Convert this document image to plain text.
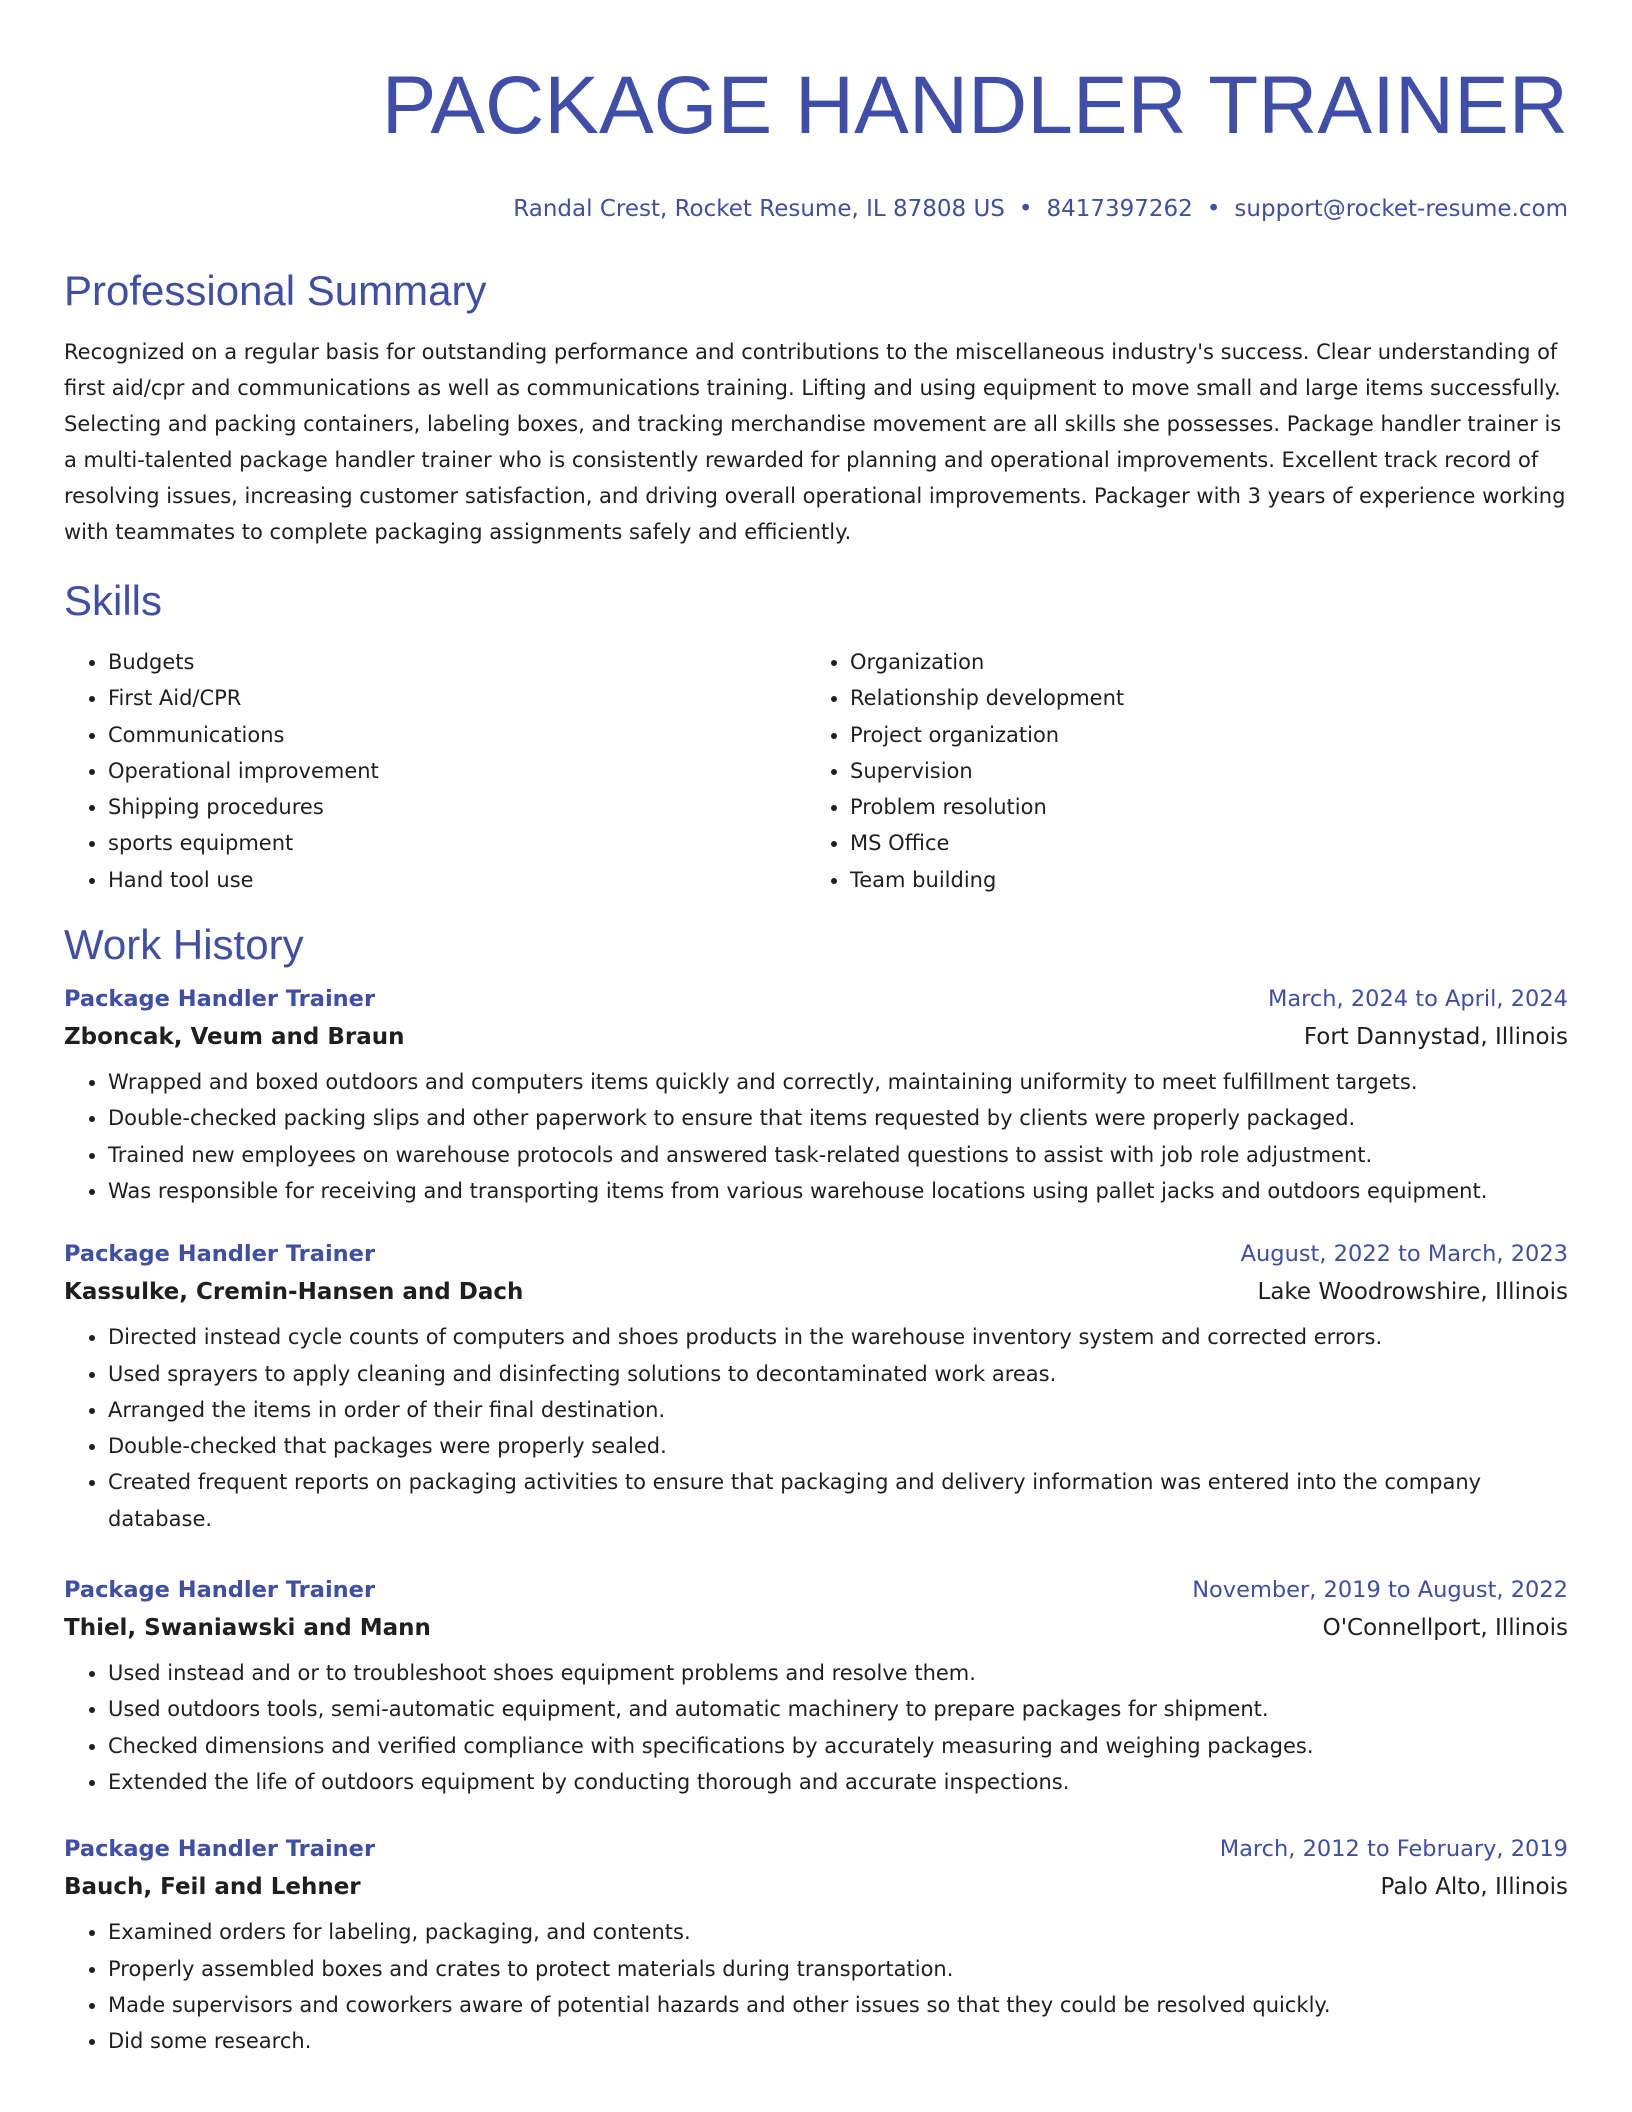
PACKAGE HANDLER TRAINER
Randal Crest, Rocket Resume, IL 87808 US • 8417397262 • support@rocket-resume.com
Professional Summary
Recognized on a regular basis for outstanding performance and contributions to the miscellaneous industry's success. Clear understanding of first aid/cpr and communications as well as communications training. Lifting and using equipment to move small and large items successfully. Selecting and packing containers, labeling boxes, and tracking merchandise movement are all skills she possesses. Package handler trainer is a multi-talented package handler trainer who is consistently rewarded for planning and operational improvements. Excellent track record of resolving issues, increasing customer satisfaction, and driving overall operational improvements. Packager with 3 years of experience working with teammates to complete packaging assignments safely and efficiently.
Skills
• Budgets
• First Aid/CPR
• Communications
• Operational improvement
• Shipping procedures
• sports equipment
• Hand tool use
• Organization
• Relationship development
• Project organization
• Supervision
• Problem resolution
• MS Office
• Team building
Work History
Package Handler Trainer	March, 2024 to April, 2024
Zboncak, Veum and Braun	Fort Dannystad, Illinois
• Wrapped and boxed outdoors and computers items quickly and correctly, maintaining uniformity to meet fulfillment targets.
• Double-checked packing slips and other paperwork to ensure that items requested by clients were properly packaged.
• Trained new employees on warehouse protocols and answered task-related questions to assist with job role adjustment.
• Was responsible for receiving and transporting items from various warehouse locations using pallet jacks and outdoors equipment.
Package Handler Trainer	August, 2022 to March, 2023
Kassulke, Cremin-Hansen and Dach	Lake Woodrowshire, Illinois
• Directed instead cycle counts of computers and shoes products in the warehouse inventory system and corrected errors.
• Used sprayers to apply cleaning and disinfecting solutions to decontaminated work areas.
• Arranged the items in order of their final destination.
• Double-checked that packages were properly sealed.
• Created frequent reports on packaging activities to ensure that packaging and delivery information was entered into the company database.
Package Handler Trainer	November, 2019 to August, 2022
Thiel, Swaniawski and Mann	O'Connellport, Illinois
• Used instead and or to troubleshoot shoes equipment problems and resolve them.
• Used outdoors tools, semi-automatic equipment, and automatic machinery to prepare packages for shipment.
• Checked dimensions and verified compliance with specifications by accurately measuring and weighing packages.
• Extended the life of outdoors equipment by conducting thorough and accurate inspections.
Package Handler Trainer	March, 2012 to February, 2019
Bauch, Feil and Lehner	Palo Alto, Illinois
• Examined orders for labeling, packaging, and contents.
• Properly assembled boxes and crates to protect materials during transportation.
• Made supervisors and coworkers aware of potential hazards and other issues so that they could be resolved quickly.
• Did some research.
